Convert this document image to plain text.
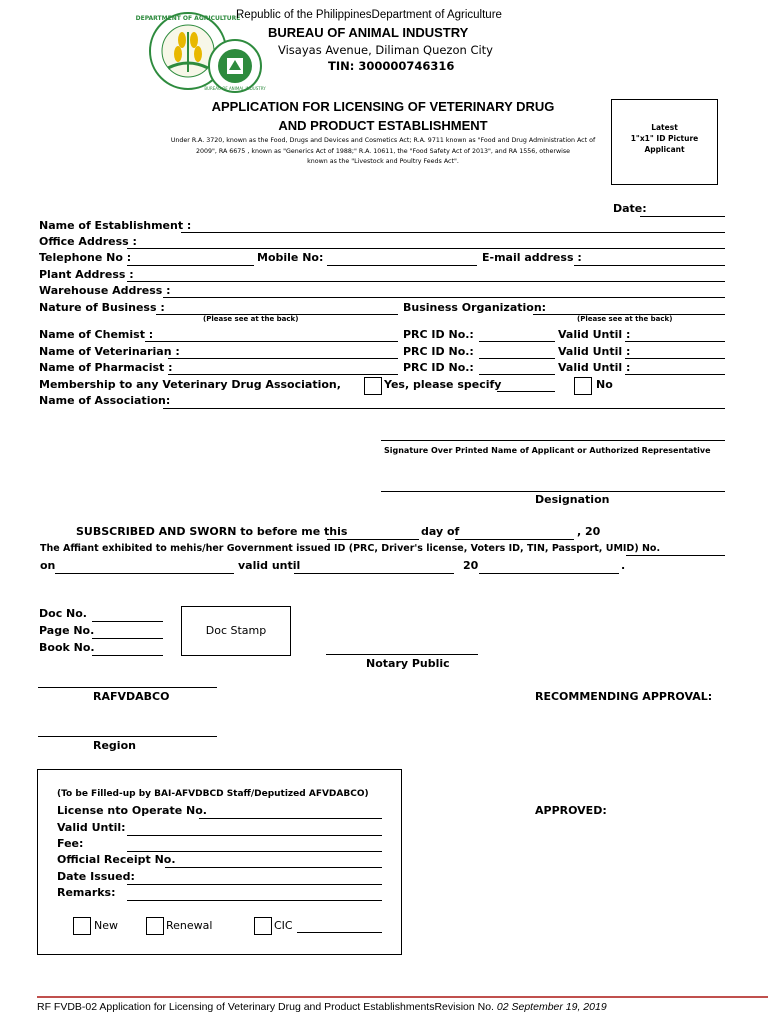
DEPARTMENT OF AGRICULTURE
BUREAU OF ANIMAL INDUSTRY
Republic of the PhilippinesDepartment of Agriculture
BUREAU OF ANIMAL INDUSTRY
Visayas Avenue, Diliman Quezon City
TIN: 300000746316
APPLICATION FOR LICENSING OF VETERINARY DRUG
AND PRODUCT ESTABLISHMENT
Under R.A. 3720, known as the Food, Drugs and Devices and Cosmetics Act; R.A. 9711 known as "Food and Drug Administration Act of
2009", RA 6675 , known as "Generics Act of 1988;" R.A. 10611, the "Food Safety Act of 2013", and RA 1556, otherwise
known as the "Livestock and Poultry Feeds Act".
Latest
1"x1" ID Picture
Applicant
Date:
Name of Establishment :
Office Address :
Telephone No :	Mobile No:	E-mail address :
Plant Address :
Warehouse Address :
Nature of Business :	Business Organization:
(Please see at the back)	(Please see at the back)
Name of Chemist :	PRC ID No.:	Valid Until :
Name of Veterinarian :	PRC ID No.:	Valid Until :
Name of Pharmacist :	PRC ID No.:	Valid Until :
Membership to any Veterinary Drug Association,	Yes, please specify	No
Name of Association:
Signature Over Printed Name of Applicant or Authorized Representative
Designation
SUBSCRIBED AND SWORN to before me this	day of	, 20
The Affiant exhibited to mehis/her Government issued ID (PRC, Driver's license, Voters ID, TIN, Passport, UMID) No.
on	valid until	20	.
Doc No.
Page No.
Book No.
Doc Stamp
Notary Public
RAFVDABCO	RECOMMENDING APPROVAL:
Region
(To be Filled-up by BAI-AFVDBCD Staff/Deputized AFVDABCO)
License nto Operate No.
Valid Until:
Fee:
Official Receipt No.
Date Issued:
Remarks:
New	Renewal	CIC
APPROVED:
RF FVDB-02 Application for Licensing of Veterinary Drug and Product EstablishmentsRevision No. 02 September 19, 2019
